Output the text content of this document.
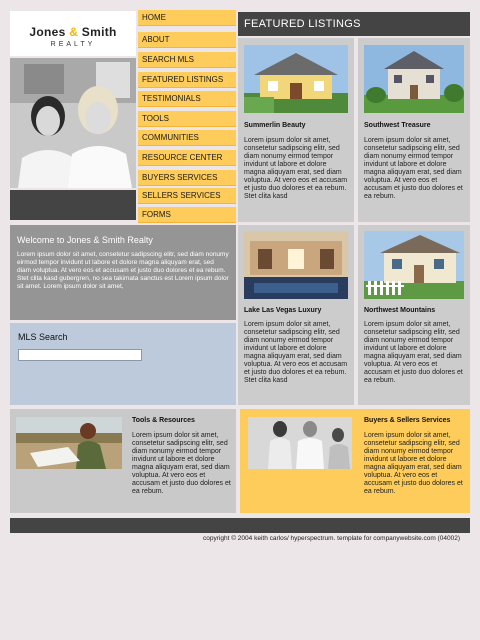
Jones & Smith
REALTY
HOME
ABOUT
SEARCH MLS
FEATURED LISTINGS
TESTIMONIALS
TOOLS
COMMUNITIES
RESOURCE CENTER
BUYERS SERVICES
SELLERS SERVICES
FORMS
FEATURED LISTINGS
Summerlin Beauty
Lorem ipsum dolor sit amet, consetetur sadipscing elitr, sed diam nonumy eirmod tempor invidunt ut labore et dolore magna aliquyam erat, sed diam voluptua. At vero eos et accusam et justo duo dolores et ea rebum. Stet clita kasd
Southwest Treasure
Lorem ipsum dolor sit amet, consetetur sadipscing elitr, sed diam nonumy eirmod tempor invidunt ut labore et dolore magna aliquyam erat, sed diam voluptua. At vero eos et accusam et justo duo dolores et ea rebum.
Lake Las Vegas Luxury
Lorem ipsum dolor sit amet, consetetur sadipscing elitr, sed diam nonumy eirmod tempor invidunt ut labore et dolore magna aliquyam erat, sed diam voluptua. At vero eos et accusam et justo duo dolores et ea rebum. Stet clita kasd
Northwest Mountains
Lorem ipsum dolor sit amet, consetetur sadipscing elitr, sed diam nonumy eirmod tempor invidunt ut labore et dolore magna aliquyam erat, sed diam voluptua. At vero eos et accusam et justo duo dolores et ea rebum.
Welcome to Jones & Smith Realty
Lorem ipsum dolor sit amet, consetetur sadipscing elitr, sed diam nonumy eirmod tempor invidunt ut labore et dolore magna aliquyam erat, sed diam voluptua. At vero eos et accusam et justo duo dolores et ea rebum. Stet clita kasd gubergren, no sea takimata sanctus est Lorem ipsum dolor sit amet. Lorem ipsum dolor sit amet,
MLS Search
Tools & Resources
Lorem ipsum dolor sit amet, consetetur sadipscing elitr, sed diam nonumy eirmod tempor invidunt ut labore et dolore magna aliquyam erat, sed diam voluptua. At vero eos et accusam et justo duo dolores et ea rebum.
Buyers & Sellers Services
Lorem ipsum dolor sit amet, consetetur sadipscing elitr, sed diam nonumy eirmod tempor invidunt ut labore et dolore magna aliquyam erat, sed diam voluptua. At vero eos et accusam et justo duo dolores et ea rebum.
copyright © 2004 keith carlos/ hyperspectrum. template for companywebsite.com (04002)
